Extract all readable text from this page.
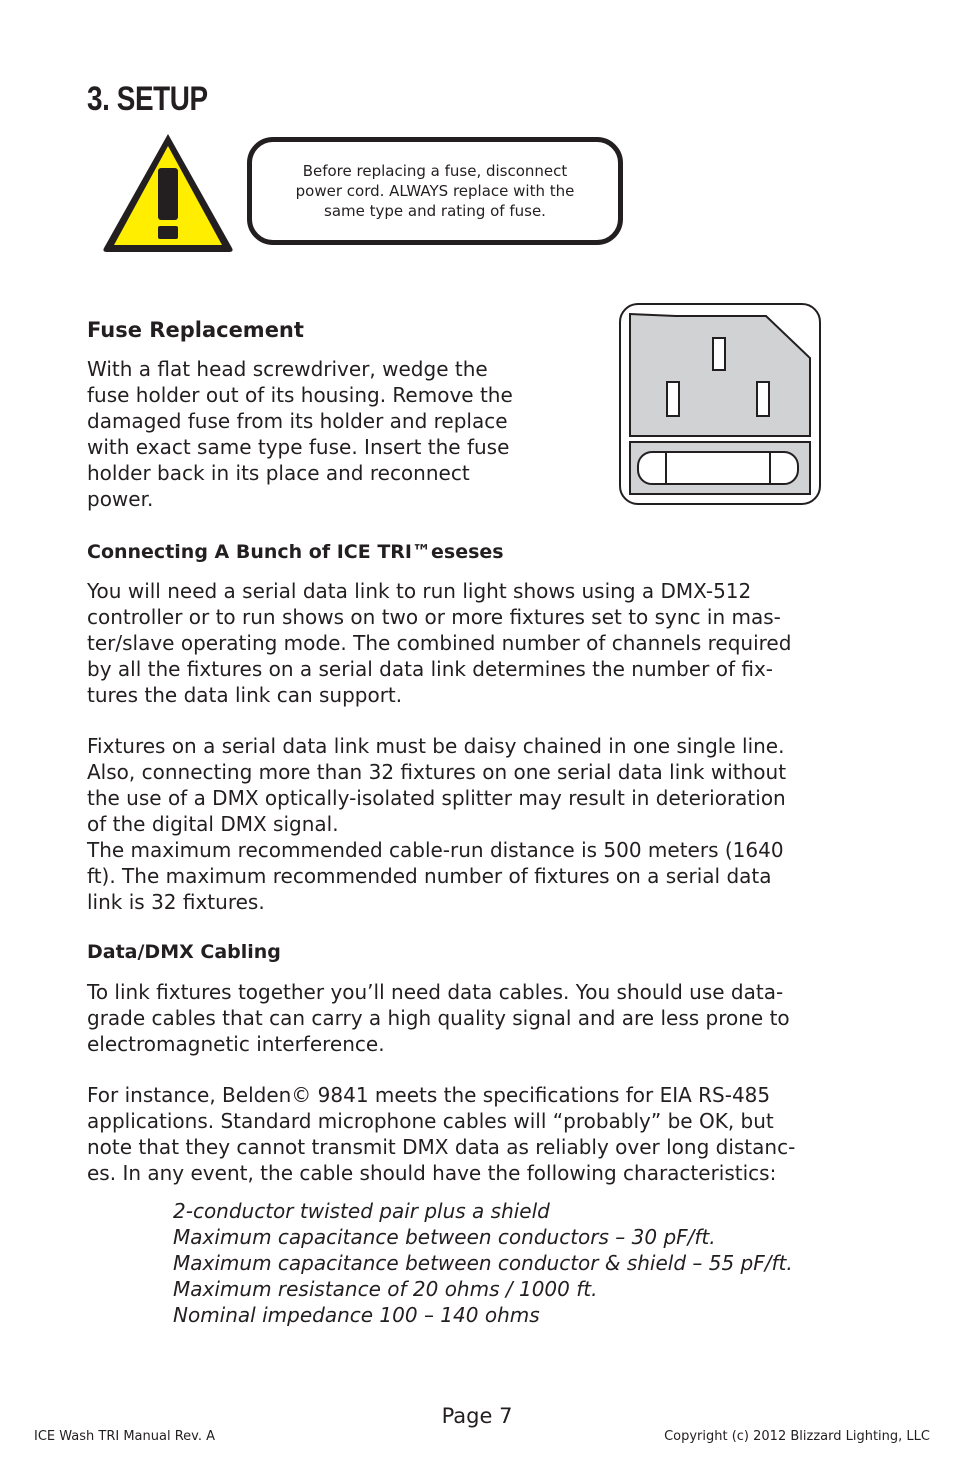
3. SETUP
Before replacing a fuse, disconnect
power cord. ALWAYS replace with the
same type and rating of fuse.
Fuse Replacement

With a flat head screwdriver, wedge the
fuse holder out of its housing. Remove the
damaged fuse from its holder and replace
with exact same type fuse. Insert the fuse
holder back in its place and reconnect
power.

Connecting A Bunch of ICE TRI™eseses

You will need a serial data link to run light shows using a DMX-512
controller or to run shows on two or more fixtures set to sync in mas-
ter/slave operating mode. The combined number of channels required
by all the fixtures on a serial data link determines the number of fix-
tures the data link can support.

Fixtures on a serial data link must be daisy chained in one single line.
Also, connecting more than 32 fixtures on one serial data link without
the use of a DMX optically-isolated splitter may result in deterioration
of the digital DMX signal.
The maximum recommended cable-run distance is 500 meters (1640
ft). The maximum recommended number of fixtures on a serial data
link is 32 fixtures.

Data/DMX Cabling

To link fixtures together you’ll need data cables. You should use data-
grade cables that can carry a high quality signal and are less prone to
electromagnetic interference.

For instance, Belden© 9841 meets the specifications for EIA RS-485
applications. Standard microphone cables will “probably” be OK, but
note that they cannot transmit DMX data as reliably over long distanc-
es. In any event, the cable should have the following characteristics:

2-conductor twisted pair plus a shield
Maximum capacitance between conductors – 30 pF/ft.
Maximum capacitance between conductor & shield – 55 pF/ft.
Maximum resistance of 20 ohms / 1000 ft.
Nominal impedance 100 – 140 ohms

Page 7
ICE Wash TRI Manual Rev. A	Copyright (c) 2012 Blizzard Lighting, LLC
